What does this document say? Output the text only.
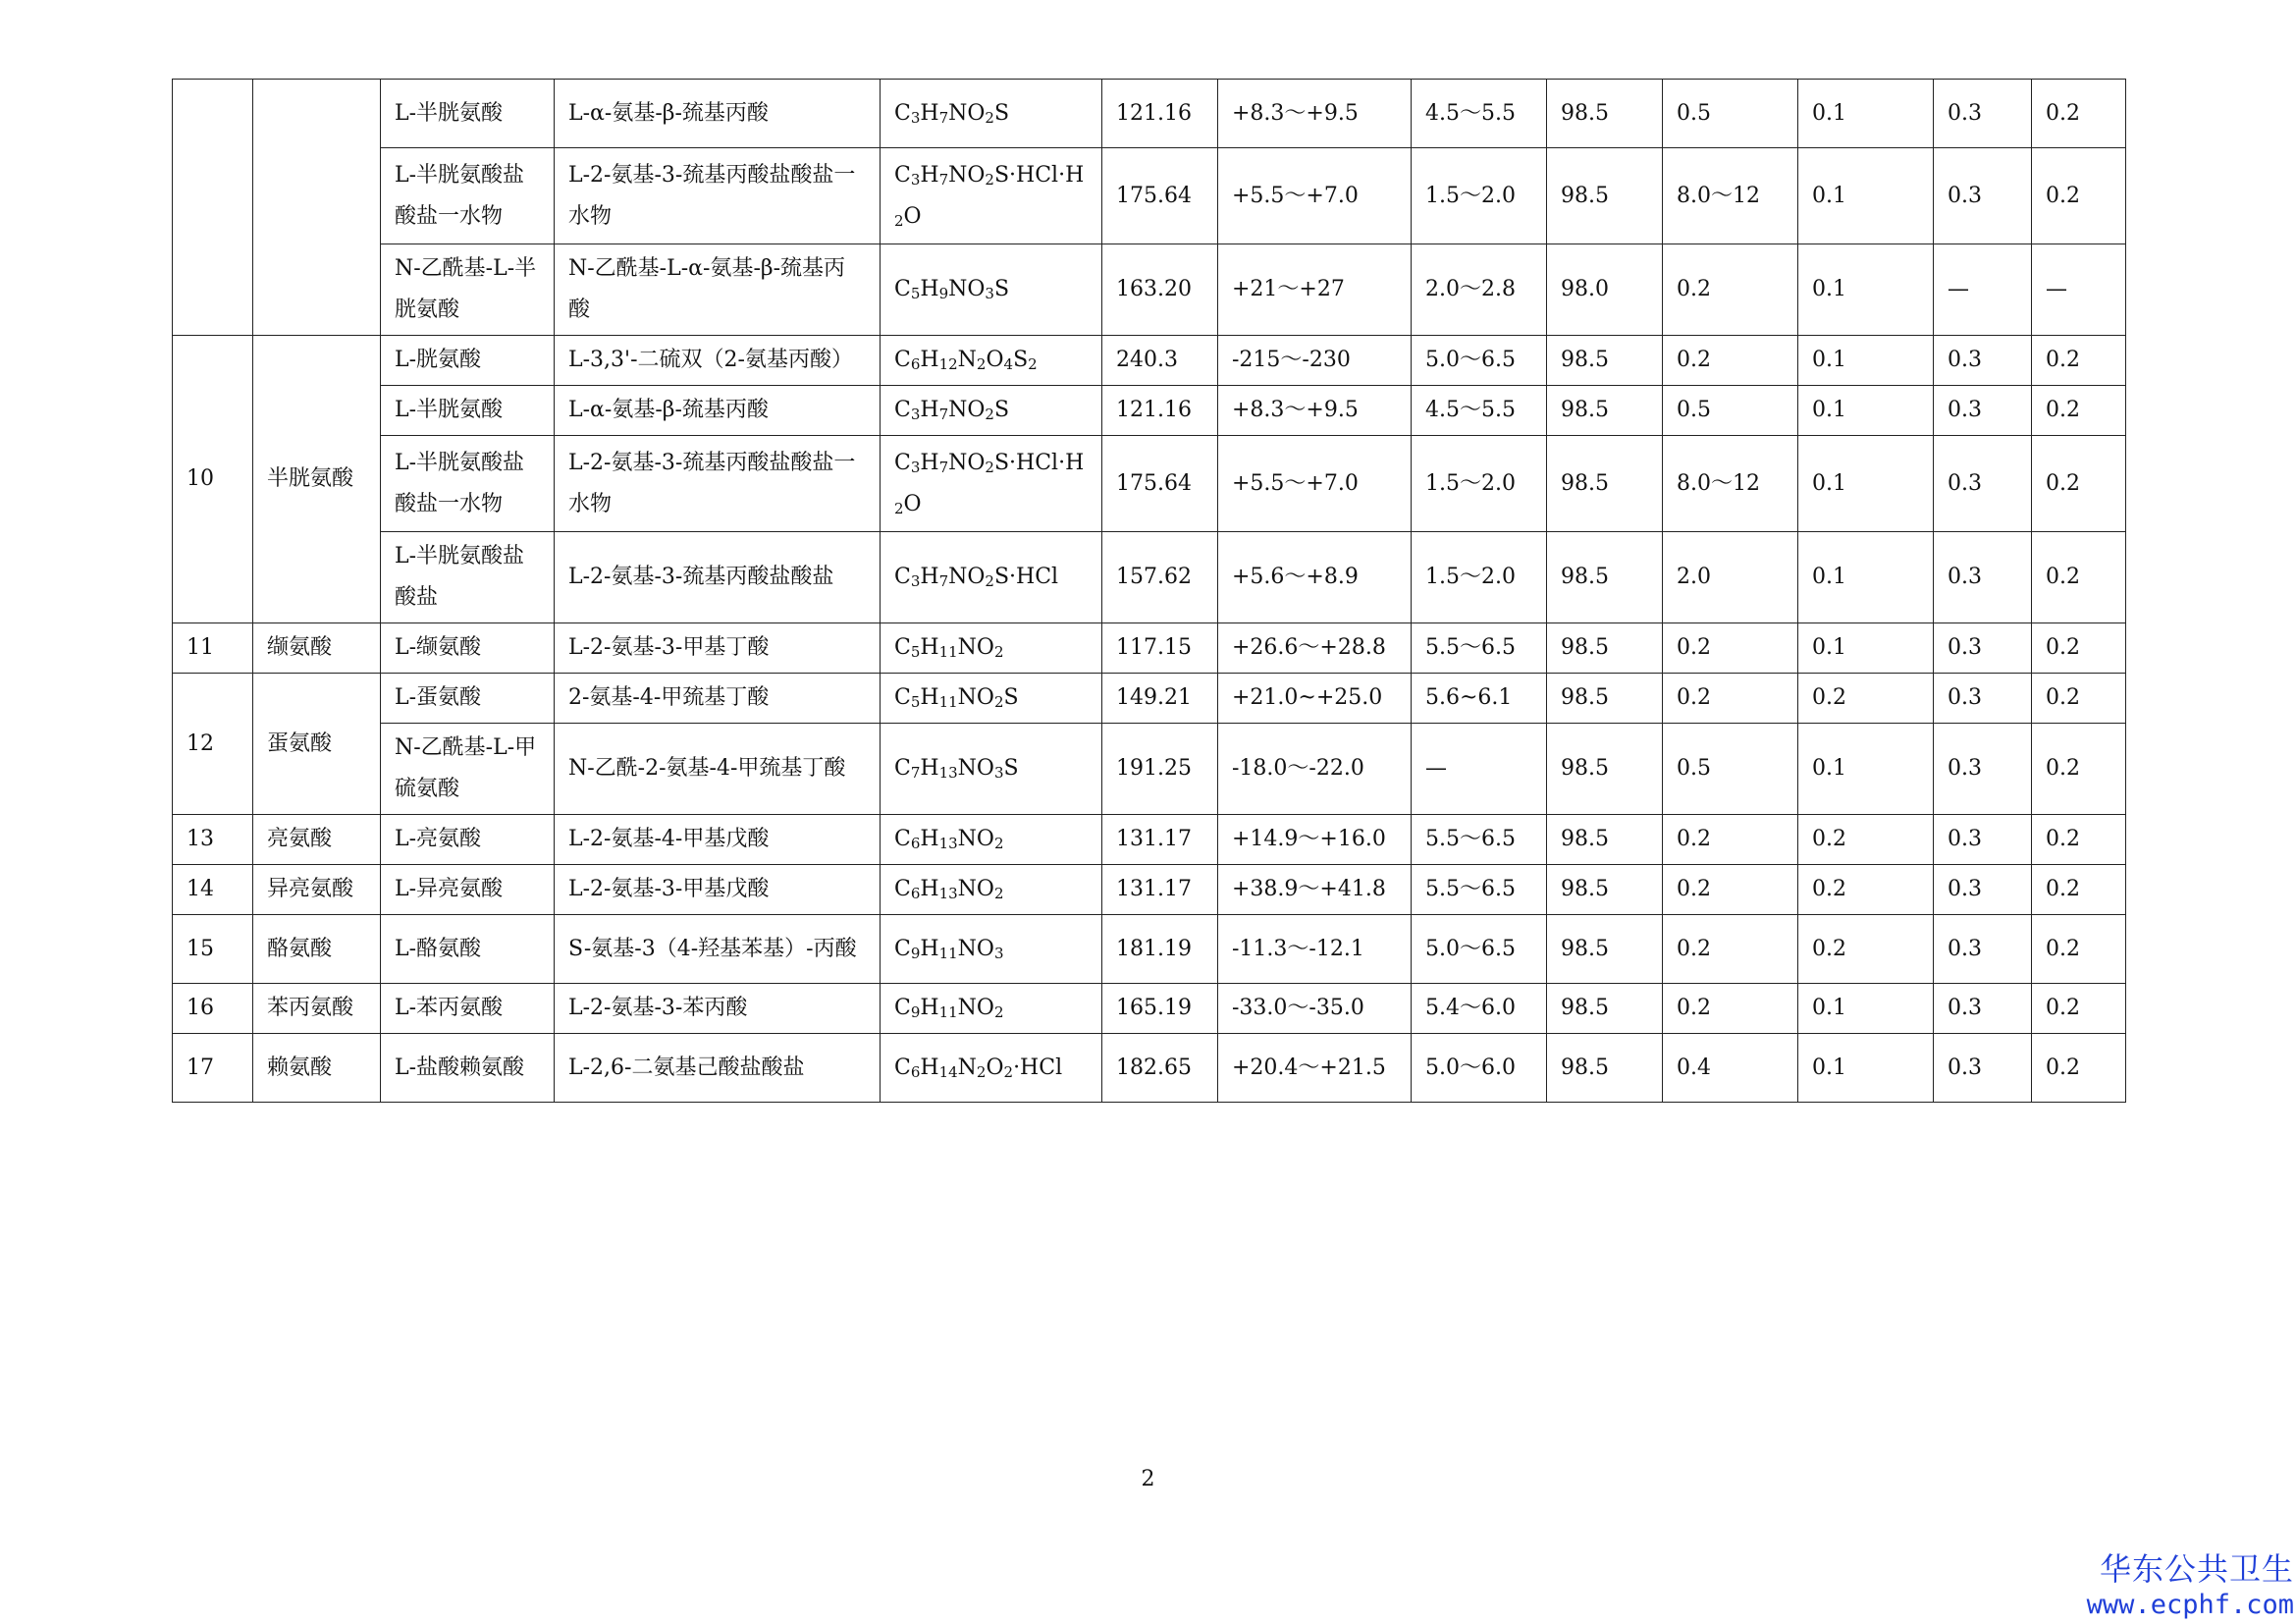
		L-半胱氨酸	L-α-氨基-β-巯基丙酸	$C_3H_7NO_2S$	121.16	+8.3～+9.5	4.5～5.5	98.5	0.5	0.1	0.3	0.2
		L-半胱氨酸盐酸盐一水物	L-2-氨基-3-巯基丙酸盐酸盐一水物	$C_3H_7NO_2S\cdot HCl\cdot H_2O$	175.64	+5.5～+7.0	1.5～2.0	98.5	8.0～12	0.1	0.3	0.2
		N-乙酰基-L-半胱氨酸	N-乙酰基-L-α-氨基-β-巯基丙酸	$C_5H_9NO_3S$	163.20	+21～+27	2.0～2.8	98.0	0.2	0.1	—	—
10	半胱氨酸	L-胱氨酸	L-3,3'-二硫双（2-氨基丙酸）	$C_6H_{12}N_2O_4S_2$	240.3	-215～-230	5.0～6.5	98.5	0.2	0.1	0.3	0.2
		L-半胱氨酸	L-α-氨基-β-巯基丙酸	$C_3H_7NO_2S$	121.16	+8.3～+9.5	4.5～5.5	98.5	0.5	0.1	0.3	0.2
		L-半胱氨酸盐酸盐一水物	L-2-氨基-3-巯基丙酸盐酸盐一水物	$C_3H_7NO_2S\cdot HCl\cdot H_2O$	175.64	+5.5～+7.0	1.5～2.0	98.5	8.0～12	0.1	0.3	0.2
		L-半胱氨酸盐酸盐	L-2-氨基-3-巯基丙酸盐酸盐	$C_3H_7NO_2S\cdot HCl$	157.62	+5.6～+8.9	1.5～2.0	98.5	2.0	0.1	0.3	0.2
11	缬氨酸	L-缬氨酸	L-2-氨基-3-甲基丁酸	$C_5H_{11}NO_2$	117.15	+26.6～+28.8	5.5～6.5	98.5	0.2	0.1	0.3	0.2
12	蛋氨酸	L-蛋氨酸	2-氨基-4-甲巯基丁酸	$C_5H_{11}NO_2S$	149.21	+21.0~+25.0	5.6~6.1	98.5	0.2	0.2	0.3	0.2
		N-乙酰基-L-甲硫氨酸	N-乙酰-2-氨基-4-甲巯基丁酸	$C_7H_{13}NO_3S$	191.25	-18.0～-22.0	—	98.5	0.5	0.1	0.3	0.2
13	亮氨酸	L-亮氨酸	L-2-氨基-4-甲基戊酸	$C_6H_{13}NO_2$	131.17	+14.9～+16.0	5.5～6.5	98.5	0.2	0.2	0.3	0.2
14	异亮氨酸	L-异亮氨酸	L-2-氨基-3-甲基戊酸	$C_6H_{13}NO_2$	131.17	+38.9～+41.8	5.5～6.5	98.5	0.2	0.2	0.3	0.2
15	酪氨酸	L-酪氨酸	S-氨基-3（4-羟基苯基）-丙酸	$C_9H_{11}NO_3$	181.19	-11.3～-12.1	5.0～6.5	98.5	0.2	0.2	0.3	0.2
16	苯丙氨酸	L-苯丙氨酸	L-2-氨基-3-苯丙酸	$C_9H_{11}NO_2$	165.19	-33.0～-35.0	5.4～6.0	98.5	0.2	0.1	0.3	0.2
17	赖氨酸	L-盐酸赖氨酸	L-2,6-二氨基己酸盐酸盐	$C_6H_{14}N_2O_2\cdot HCl$	182.65	+20.4～+21.5	5.0～6.0	98.5	0.4	0.1	0.3	0.2
2
华东公共卫生
www.ecphf.com
